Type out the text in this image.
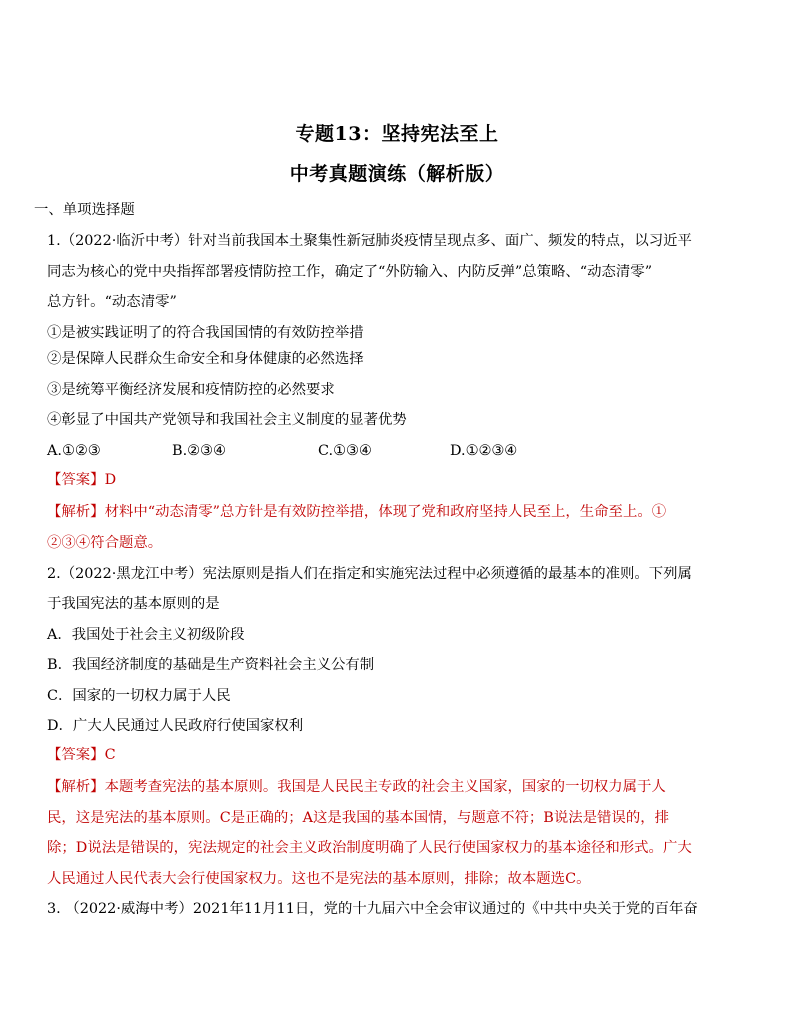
专题13：坚持宪法至上
中考真题演练（解析版）

一、单项选择题

1.（2022·临沂中考）针对当前我国本土聚集性新冠肺炎疫情呈现点多、面广、频发的特点，以习近平

同志为核心的党中央指挥部署疫情防控工作，确定了“外防输入、内防反弹”总策略、“动态清零”

总方针。“动态清零”

①是被实践证明了的符合我国国情的有效防控举措

②是保障人民群众生命安全和身体健康的必然选择

③是统筹平衡经济发展和疫情防控的必然要求

④彰显了中国共产党领导和我国社会主义制度的显著优势

A.①②③	B.②③④	C.①③④	D.①②③④

【答案】D

【解析】材料中“动态清零”总方针是有效防控举措，体现了党和政府坚持人民至上，生命至上。①

②③④符合题意。

2.（2022·黑龙江中考）宪法原则是指人们在指定和实施宪法过程中必须遵循的最基本的准则。下列属

于我国宪法的基本原则的是

A．我国处于社会主义初级阶段

B．我国经济制度的基础是生产资料社会主义公有制

C．国家的一切权力属于人民

D．广大人民通过人民政府行使国家权利

【答案】C

【解析】本题考查宪法的基本原则。我国是人民民主专政的社会主义国家，国家的一切权力属于人

民，这是宪法的基本原则。C是正确的；A这是我国的基本国情，与题意不符；B说法是错误的，排

除；D说法是错误的，宪法规定的社会主义政治制度明确了人民行使国家权力的基本途径和形式。广大

人民通过人民代表大会行使国家权力。这也不是宪法的基本原则，排除；故本题选C。

3. （2022·威海中考）2021年11月11日，党的十九届六中全会审议通过的《中共中央关于党的百年奋
